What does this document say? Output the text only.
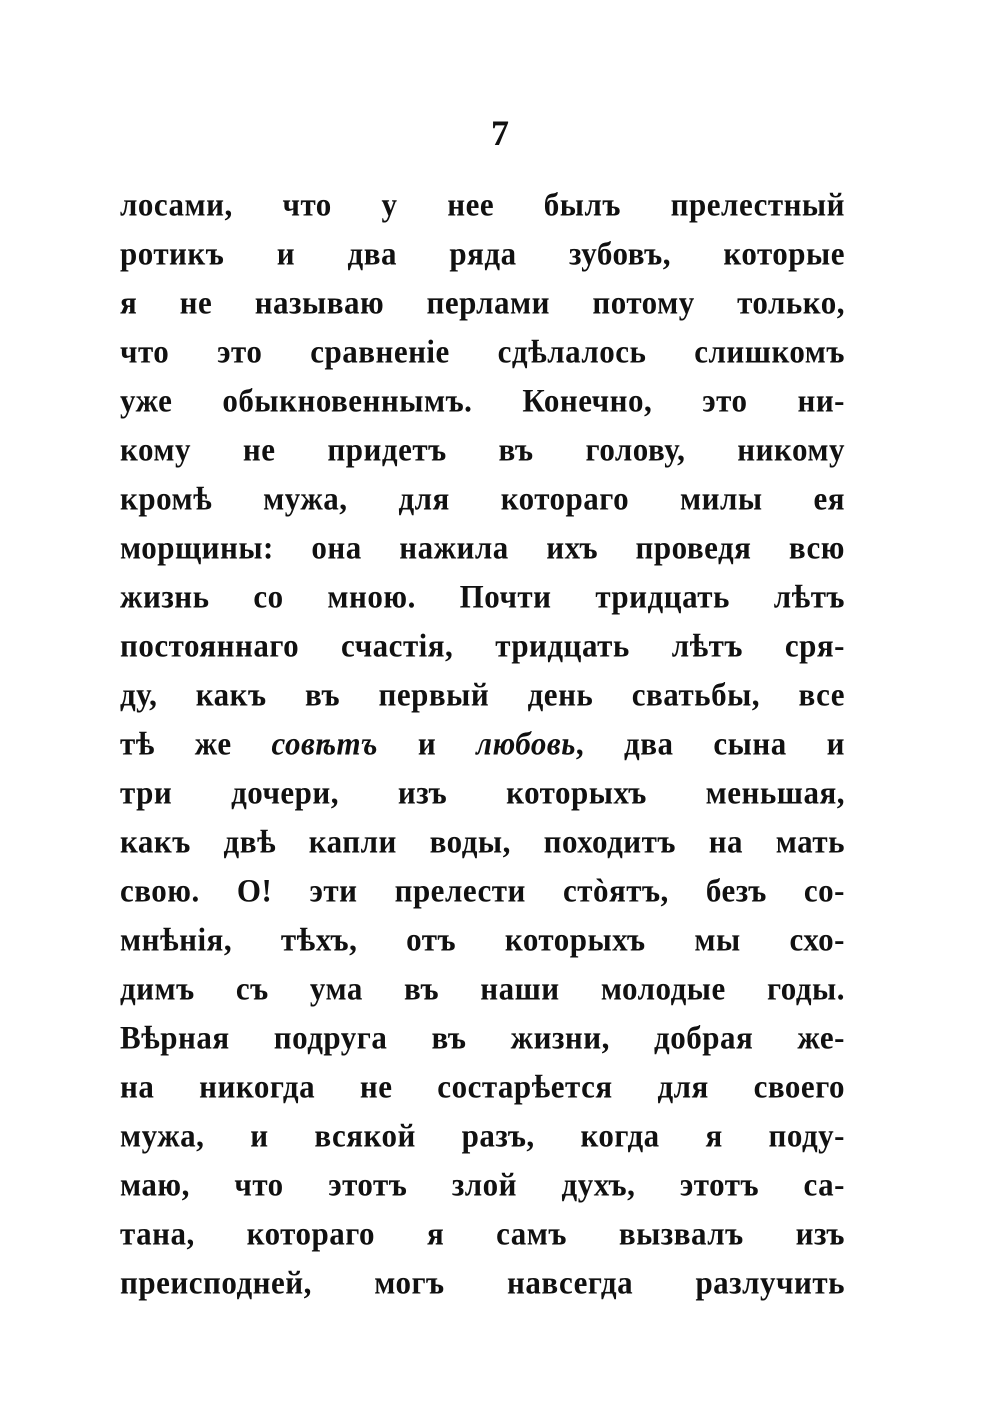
7
лосами, что у нее былъ прелестный
ротикъ и два ряда зубовъ, которые
я не называю перлами потому только,
что это сравненіе сдѣлалось слишкомъ
уже обыкновеннымъ. Конечно, это ни-
кому не придетъ въ голову, никому
кромѣ мужа, для котораго милы ея
морщины: она нажила ихъ проведя всю
жизнь со мною. Почти тридцать лѣтъ
постояннаго счастія, тридцать лѣтъ сря-
ду, какъ въ первый день сватьбы, все
тѣ же совѣтъ и любовь, два сына и
три дочери, изъ которыхъ меньшая,
какъ двѣ капли воды, походитъ на мать
свою. О! эти прелести стòятъ, безъ со-
мнѣнія, тѣхъ, отъ которыхъ мы схо-
димъ съ ума въ наши молодые годы.
Вѣрная подруга въ жизни, добрая же-
на никогда не состарѣется для своего
мужа, и всякой разъ, когда я поду-
маю, что этотъ злой духъ, этотъ са-
тана, котораго я самъ вызвалъ изъ
преисподней, могъ навсегда разлучить
